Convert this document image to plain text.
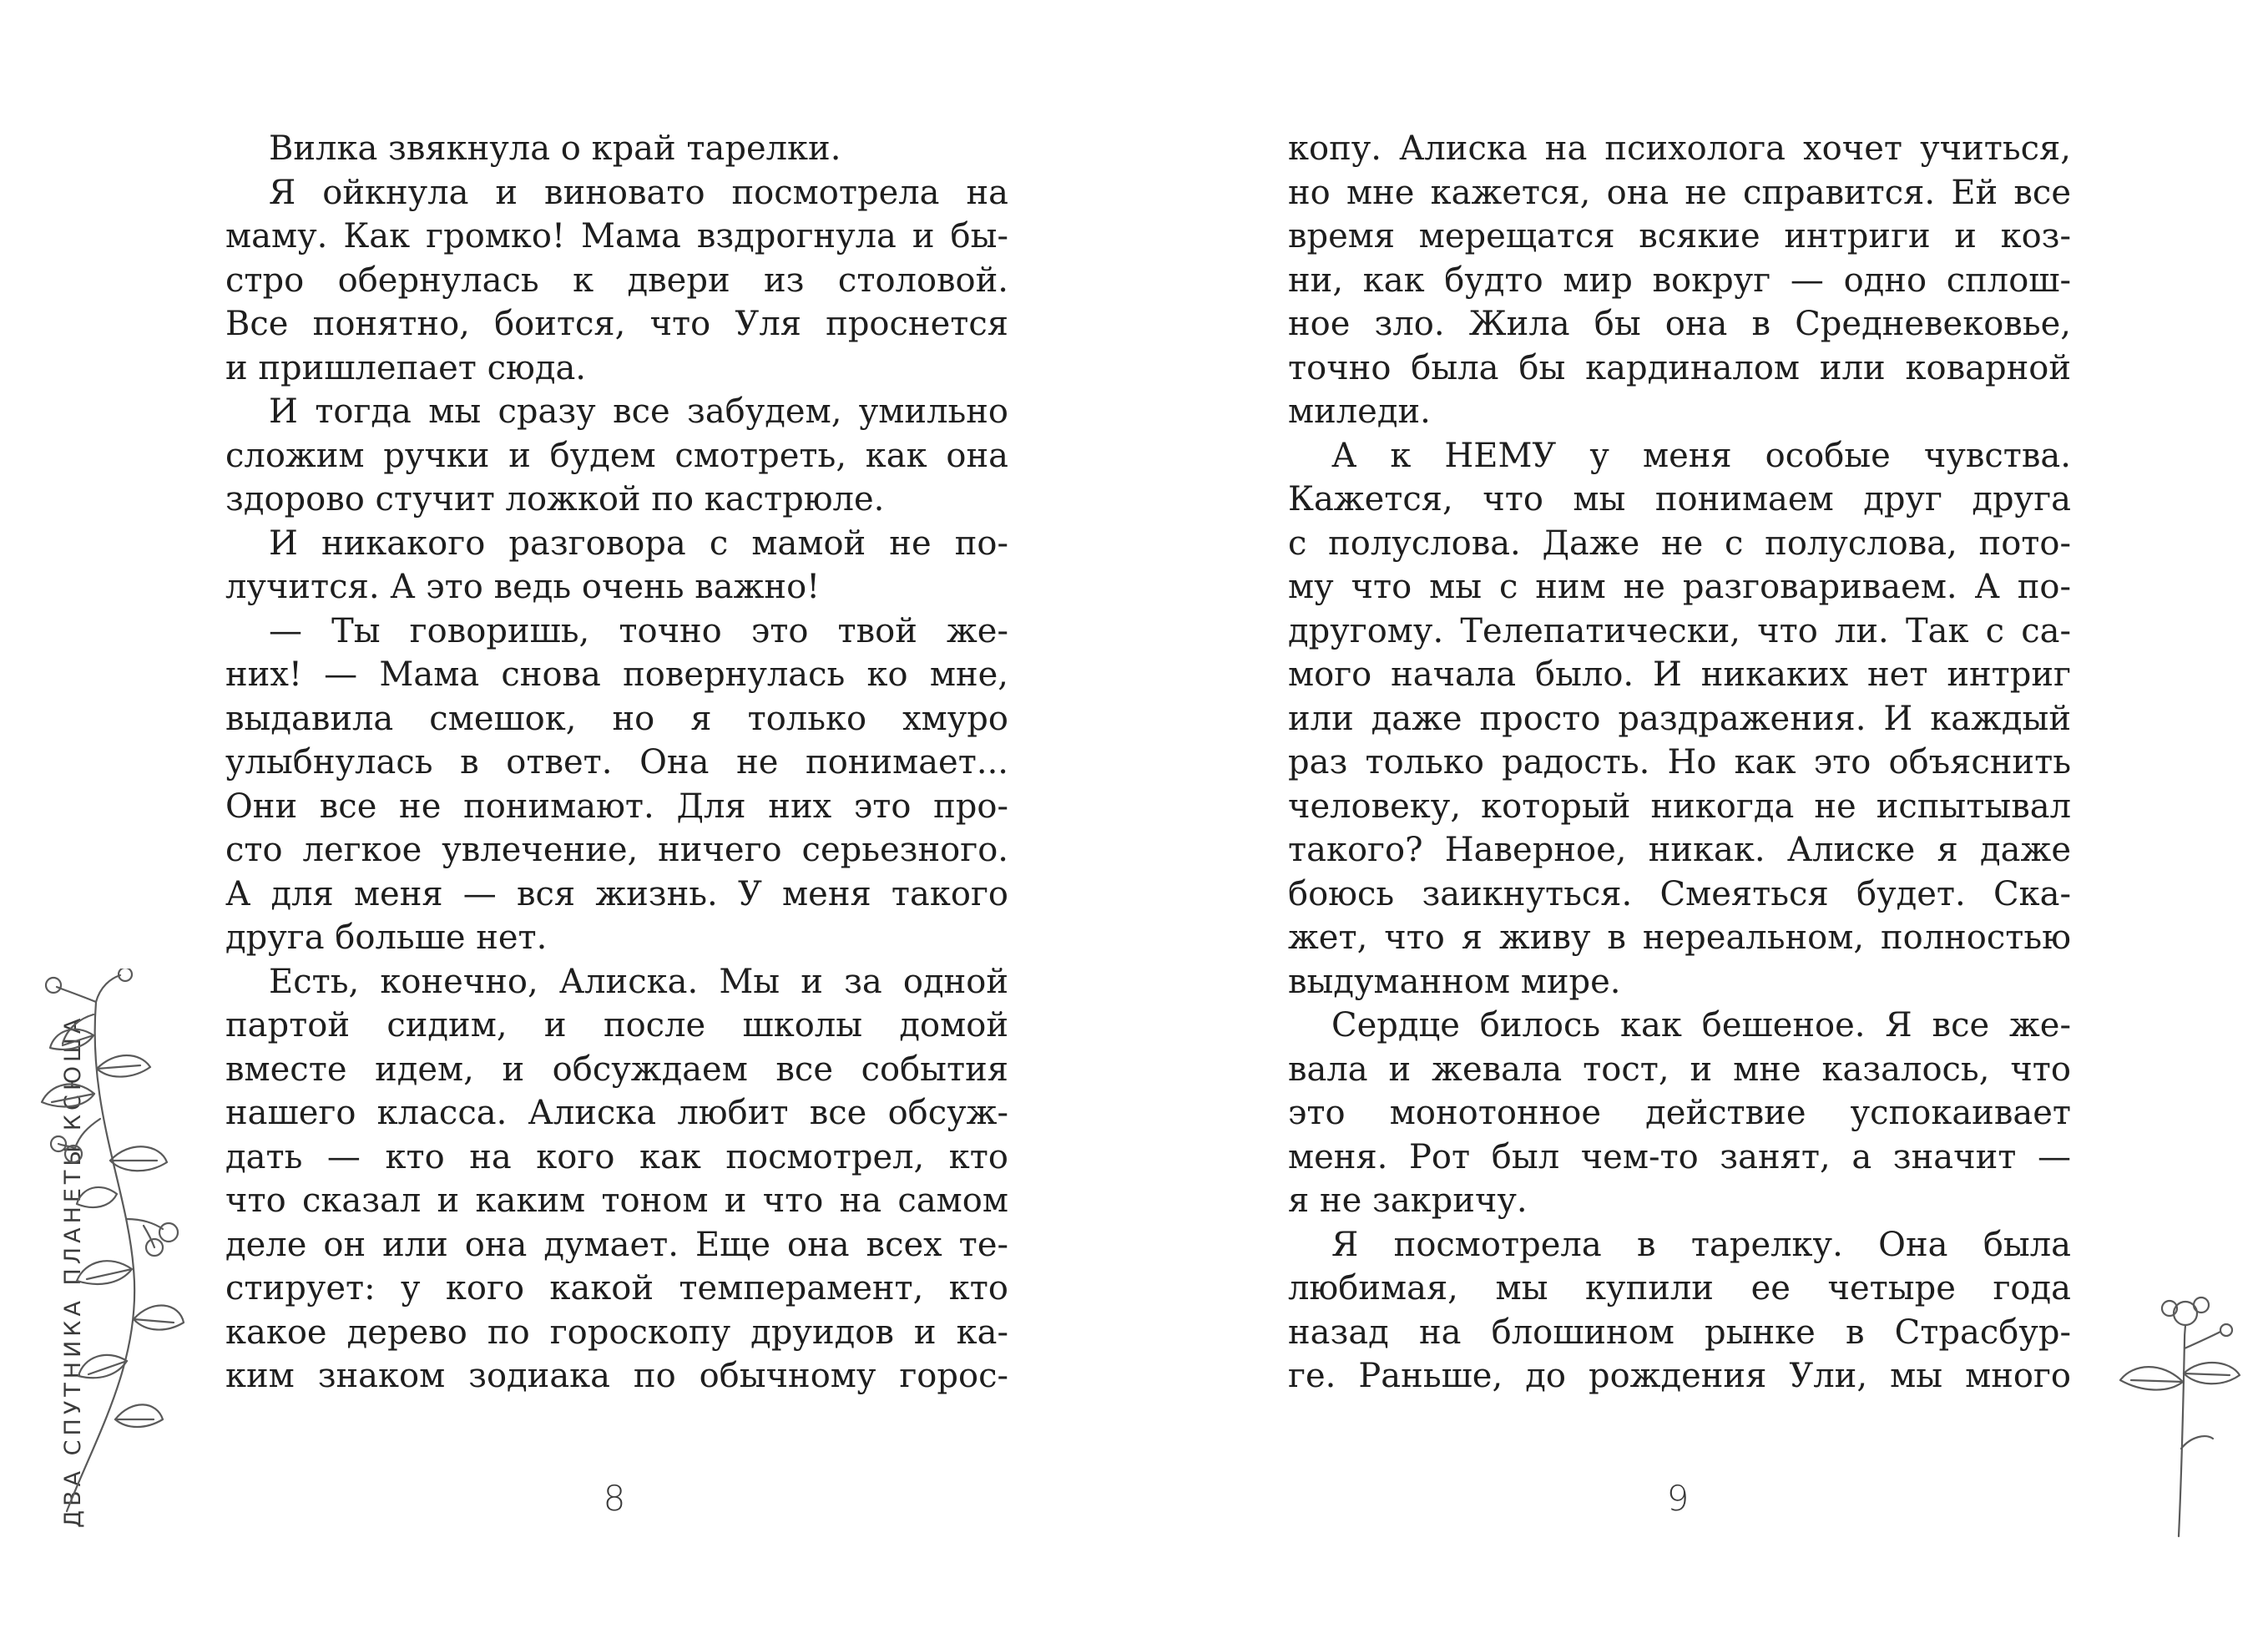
Вилка звякнула о край тарелки.
Я ойкнула и виновато посмотрела на
маму. Как громко! Мама вздрогнула и бы-
стро обернулась к двери из столовой.
Все понятно, боится, что Уля проснется
и пришлепает сюда.
И тогда мы сразу все забудем, умильно
сложим ручки и будем смотреть, как она
здорово стучит ложкой по кастрюле.
И никакого разговора с мамой не по-
лучится. А это ведь очень важно!
— Ты говоришь, точно это твой же-
них! — Мама снова повернулась ко мне,
выдавила смешок, но я только хмуро
улыбнулась в ответ. Она не понимает...
Они все не понимают. Для них это про-
сто легкое увлечение, ничего серьезного.
А для меня — вся жизнь. У меня такого
друга больше нет.
Есть, конечно, Алиска. Мы и за одной
партой сидим, и после школы домой
вместе идем, и обсуждаем все события
нашего класса. Алиска любит все обсуж-
дать — кто на кого как посмотрел, кто
что сказал и каким тоном и что на самом
деле он или она думает. Еще она всех те-
стирует: у кого какой темперамент, кто
какое дерево по гороскопу друидов и ка-
ким знаком зодиака по обычному горос-
копу. Алиска на психолога хочет учиться,
но мне кажется, она не справится. Ей все
время мерещатся всякие интриги и коз-
ни, как будто мир вокруг — одно сплош-
ное зло. Жила бы она в Средневековье,
точно была бы кардиналом или коварной
миледи.
А к НЕМУ у меня особые чувства.
Кажется, что мы понимаем друг друга
с полуслова. Даже не с полуслова, пото-
му что мы с ним не разговариваем. А по-
другому. Телепатически, что ли. Так с са-
мого начала было. И никаких нет интриг
или даже просто раздражения. И каждый
раз только радость. Но как это объяснить
человеку, который никогда не испытывал
такого? Наверное, никак. Алиске я даже
боюсь заикнуться. Смеяться будет. Ска-
жет, что я живу в нереальном, полностью
выдуманном мире.
Сердце билось как бешеное. Я все же-
вала и жевала тост, и мне казалось, что
это монотонное действие успокаивает
меня. Рот был чем-то занят, а значит —
я не закричу.
Я посмотрела в тарелку. Она была
любимая, мы купили ее четыре года
назад на блошином рынке в Страсбур-
ге. Раньше, до рождения Ули, мы много
8	9
ДВА СПУТНИКА ПЛАНЕТЫ КСЮША
